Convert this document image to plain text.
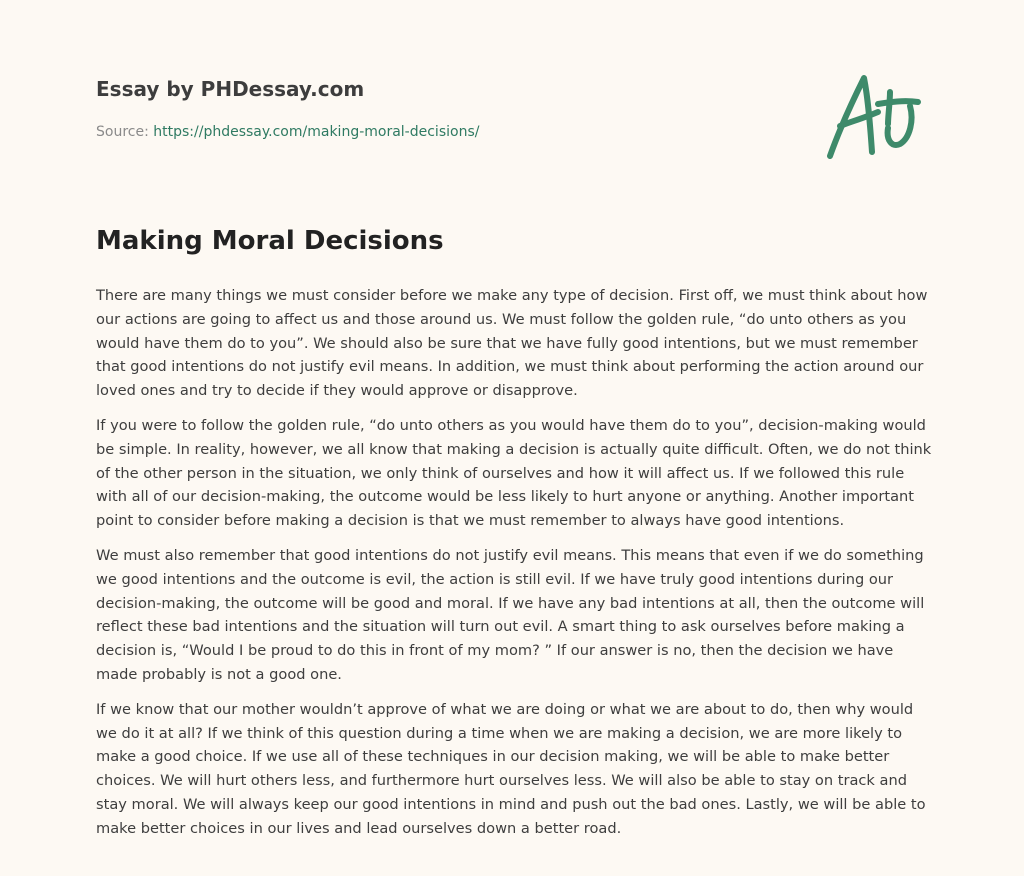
Essay by PHDessay.com
Source: https://phdessay.com/making-moral-decisions/
Making Moral Decisions

There are many things we must consider before we make any type of decision. First off, we must think about how our actions are going to affect us and those around us. We must follow the golden rule, “do unto others as you would have them do to you”. We should also be sure that we have fully good intentions, but we must remember that good intentions do not justify evil means. In addition, we must think about performing the action around our loved ones and try to decide if they would approve or disapprove.

If you were to follow the golden rule, “do unto others as you would have them do to you”, decision-making would be simple. In reality, however, we all know that making a decision is actually quite difficult. Often, we do not think of the other person in the situation, we only think of ourselves and how it will affect us. If we followed this rule with all of our decision-making, the outcome would be less likely to hurt anyone or anything. Another important point to consider before making a decision is that we must remember to always have good intentions.

We must also remember that good intentions do not justify evil means. This means that even if we do something we good intentions and the outcome is evil, the action is still evil. If we have truly good intentions during our decision-making, the outcome will be good and moral. If we have any bad intentions at all, then the outcome will reflect these bad intentions and the situation will turn out evil. A smart thing to ask ourselves before making a decision is, “Would I be proud to do this in front of my mom? ” If our answer is no, then the decision we have made probably is not a good one.

If we know that our mother wouldn’t approve of what we are doing or what we are about to do, then why would we do it at all? If we think of this question during a time when we are making a decision, we are more likely to make a good choice. If we use all of these techniques in our decision making, we will be able to make better choices. We will hurt others less, and furthermore hurt ourselves less. We will also be able to stay on track and stay moral. We will always keep our good intentions in mind and push out the bad ones. Lastly, we will be able to make better choices in our lives and lead ourselves down a better road.
